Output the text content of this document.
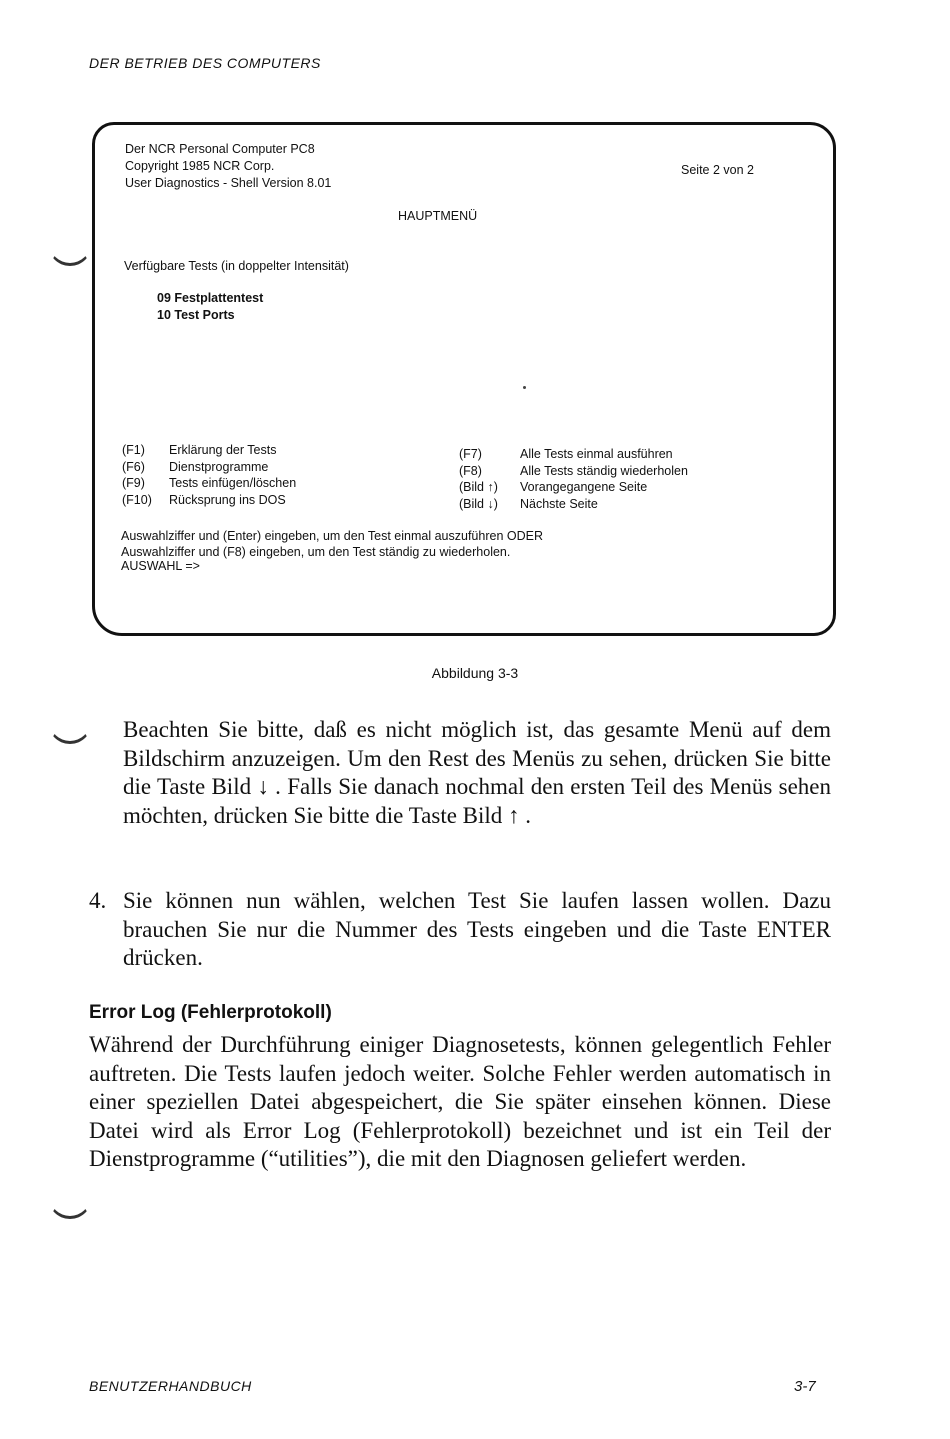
DER BETRIEB DES COMPUTERS
Der NCR Personal Computer PC8
Copyright 1985 NCR Corp.
User Diagnostics - Shell Version 8.01
Seite 2 von 2
HAUPTMENÜ
Verfügbare Tests (in doppelter Intensität)
09 Festplattentest
10 Test Ports
(F1) Erklärung der Tests
(F6) Dienstprogramme
(F9) Tests einfügen/löschen
(F10) Rücksprung ins DOS
(F7)	Alle Tests einmal ausführen
(F8)	Alle Tests ständig wiederholen
(Bild ↑) Vorangegangene Seite
(Bild ↓) Nächste Seite
Auswahlziffer und (Enter) eingeben, um den Test einmal auszuführen ODER
Auswahlziffer und (F8) eingeben, um den Test ständig zu wiederholen.
AUSWAHL =>
Abbildung 3-3
Beachten Sie bitte, daß es nicht möglich ist, das gesamte Menü auf dem Bildschirm anzuzeigen. Um den Rest des Menüs zu sehen, drücken Sie bitte die Taste Bild ↓ . Falls Sie danach nochmal den ersten Teil des Menüs sehen möchten, drücken Sie bitte die Taste Bild ↑ .
4. Sie können nun wählen, welchen Test Sie laufen lassen wollen. Dazu brauchen Sie nur die Nummer des Tests eingeben und die Taste ENTER drücken.
Error Log (Fehlerprotokoll)
Während der Durchführung einiger Diagnosetests, können gelegentlich Fehler auftreten. Die Tests laufen jedoch weiter. Solche Fehler werden automatisch in einer speziellen Datei abgespeichert, die Sie später einsehen können. Diese Datei wird als Error Log (Fehlerprotokoll) bezeichnet und ist ein Teil der Dienstprogramme (“utilities”), die mit den Diagnosen geliefert werden.
BENUTZERHANDBUCH	3-7
